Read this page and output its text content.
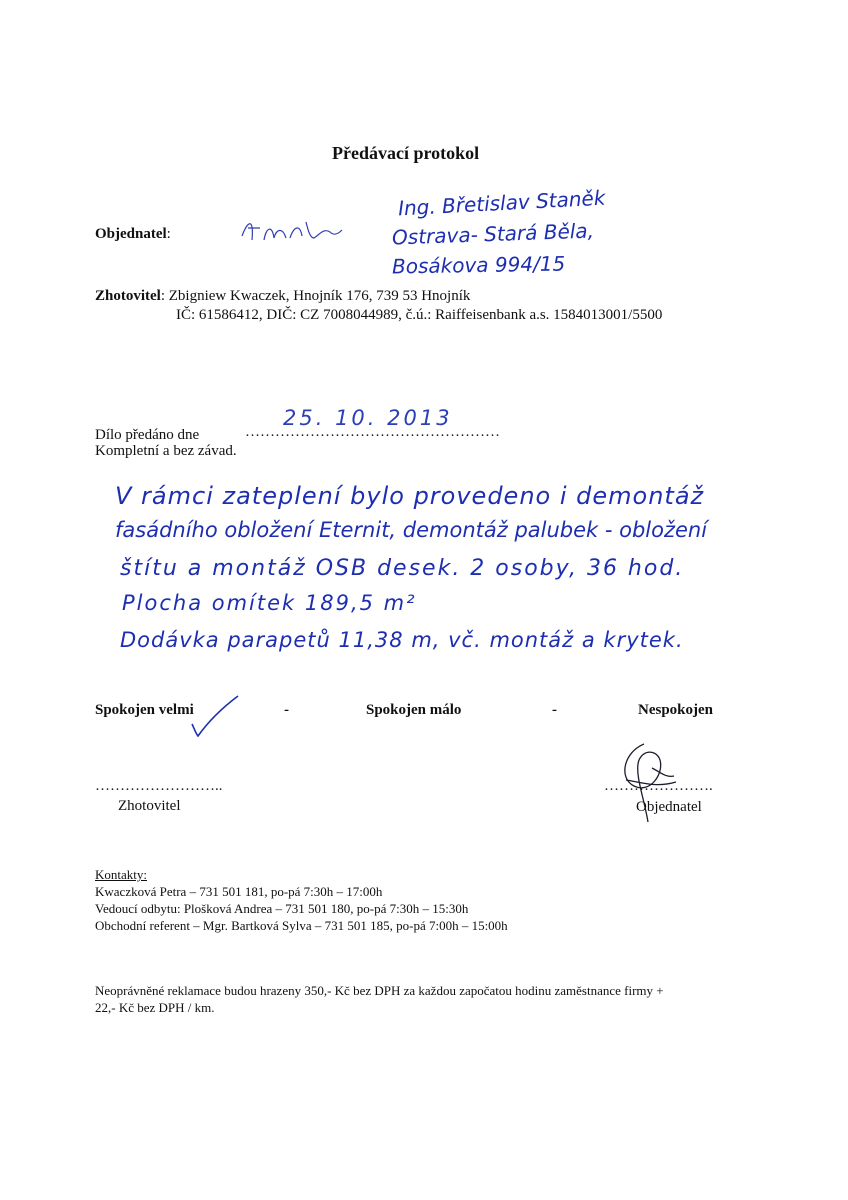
Předávací protokol
Objednatel:
Ing. Břetislav Staněk
Ostrava- Stará Běla,
Bosákova 994/15
Zhotovitel: Zbigniew Kwaczek, Hnojník 176, 739 53 Hnojník
IČ: 61586412, DIČ: CZ 7008044989, č.ú.: Raiffeisenbank a.s. 1584013001/5500
25. 10. 2013
Dílo předáno dne	……………………………………………
Kompletní a bez závad.
V rámci zateplení bylo provedeno i demontáž
fasádního obložení Eternit, demontáž palubek - obložení
štítu a montáž OSB desek. 2 osoby, 36 hod.
Plocha omítek 189,5 m²
Dodávka parapetů 11,38 m, vč. montáž a krytek.
Spokojen velmi	-	Spokojen málo	-	Nespokojen
……………………..
Zhotovitel
………………….
Objednatel
Kontakty:
Kwaczková Petra – 731 501 181, po-pá 7:30h – 17:00h
Vedoucí odbytu: Plošková Andrea – 731 501 180, po-pá 7:30h – 15:30h
Obchodní referent – Mgr. Bartková Sylva – 731 501 185, po-pá 7:00h – 15:00h
Neoprávněné reklamace budou hrazeny 350,- Kč bez DPH za každou započatou hodinu zaměstnance firmy +
22,- Kč bez DPH / km.
